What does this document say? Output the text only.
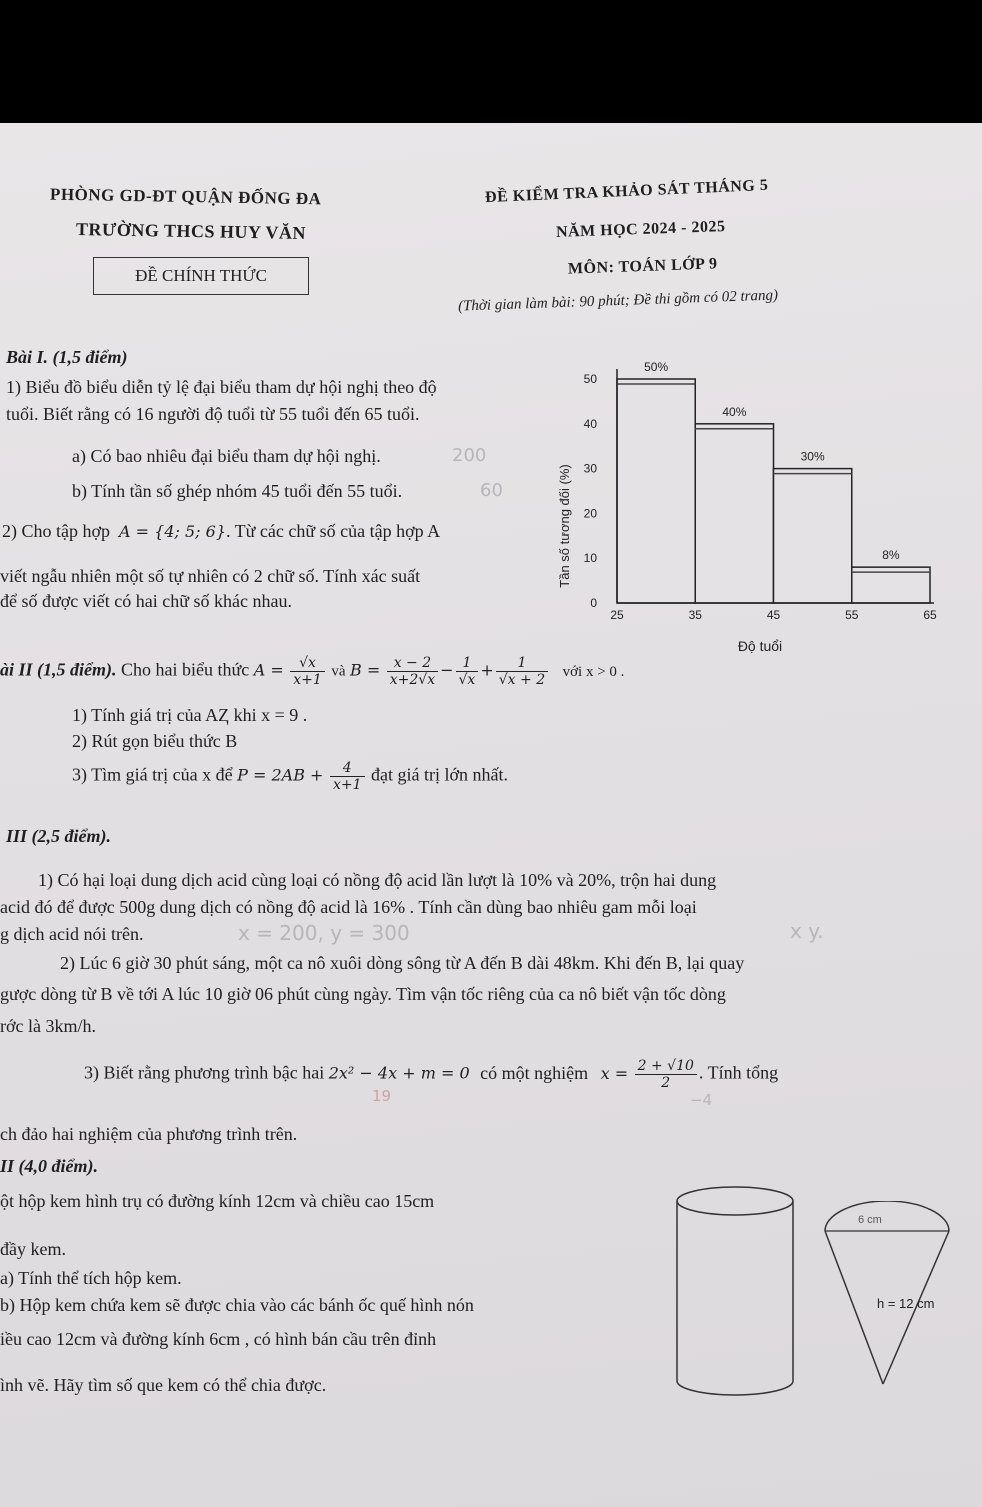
PHÒNG GD-ĐT QUẬN ĐỐNG ĐA
TRƯỜNG THCS HUY VĂN
ĐỀ CHÍNH THỨC
ĐỀ KIỂM TRA KHẢO SÁT THÁNG 5
NĂM HỌC 2024 - 2025
MÔN: TOÁN LỚP 9
(Thời gian làm bài: 90 phút; Đề thi gồm có 02 trang)
Bài I. (1,5 điểm)
1) Biểu đồ biểu diễn tỷ lệ đại biểu tham dự hội nghị theo độ
tuổi. Biết rằng có 16 người độ tuổi từ 55 tuổi đến 65 tuổi.
a) Có bao nhiêu đại biểu tham dự hội nghị.	200
b) Tính tần số ghép nhóm 45 tuổi đến 55 tuổi.	60
2) Cho tập hợp A = {4; 5; 6}. Từ các chữ số của tập hợp A
viết ngẫu nhiên một số tự nhiên có 2 chữ số. Tính xác suất
để số được viết có hai chữ số khác nhau.
50%
40%
30%
8%
0
10
20
30
40
50
25	35	45	55	65
Tần số tương đối (%)
Độ tuổi
ài II (1,5 điểm). Cho hai biểu thức $A = \frac{√x}{x+1}$ và $B = \frac{x - 2}{x+2√x} - \frac{1}{√x} + \frac{1}{√x + 2}$ với x > 0 .
1) Tính giá trị của AⱫ khi x = 9 .
2) Rút gọn biểu thức B
3) Tìm giá trị của x để $P = 2AB + \frac{4}{x+1}$ đạt giá trị lớn nhất.
III (2,5 điểm).
1) Có hại loại dung dịch acid cùng loại có nồng độ acid lần lượt là 10% và 20%, trộn hai dung
acid đó để được 500g dung dịch có nồng độ acid là 16% . Tính cần dùng bao nhiêu gam mỗi loại
g dịch acid nói trên.	x = 200, y = 300	x y.
2) Lúc 6 giờ 30 phút sáng, một ca nô xuôi dòng sông từ A đến B dài 48km. Khi đến B, lại quay
gược dòng từ B về tới A lúc 10 giờ 06 phút cùng ngày. Tìm vận tốc riêng của ca nô biết vận tốc dòng
rớc là 3km/h.
3) Biết rằng phương trình bậc hai 2x² − 4x + m = 0 có một nghiệm $x = \frac{2 + √10}{2}$ . Tính tổng
19	−4
ch đảo hai nghiệm của phương trình trên.
II (4,0 điểm).
ột hộp kem hình trụ có đường kính 12cm và chiều cao 15cm
đầy kem.
a) Tính thể tích hộp kem.
b) Hộp kem chứa kem sẽ được chia vào các bánh ốc quế hình nón
iều cao 12cm và đường kính 6cm , có hình bán cầu trên đỉnh
ình vẽ. Hãy tìm số que kem có thể chia được.
6 cm
h = 12 cm
